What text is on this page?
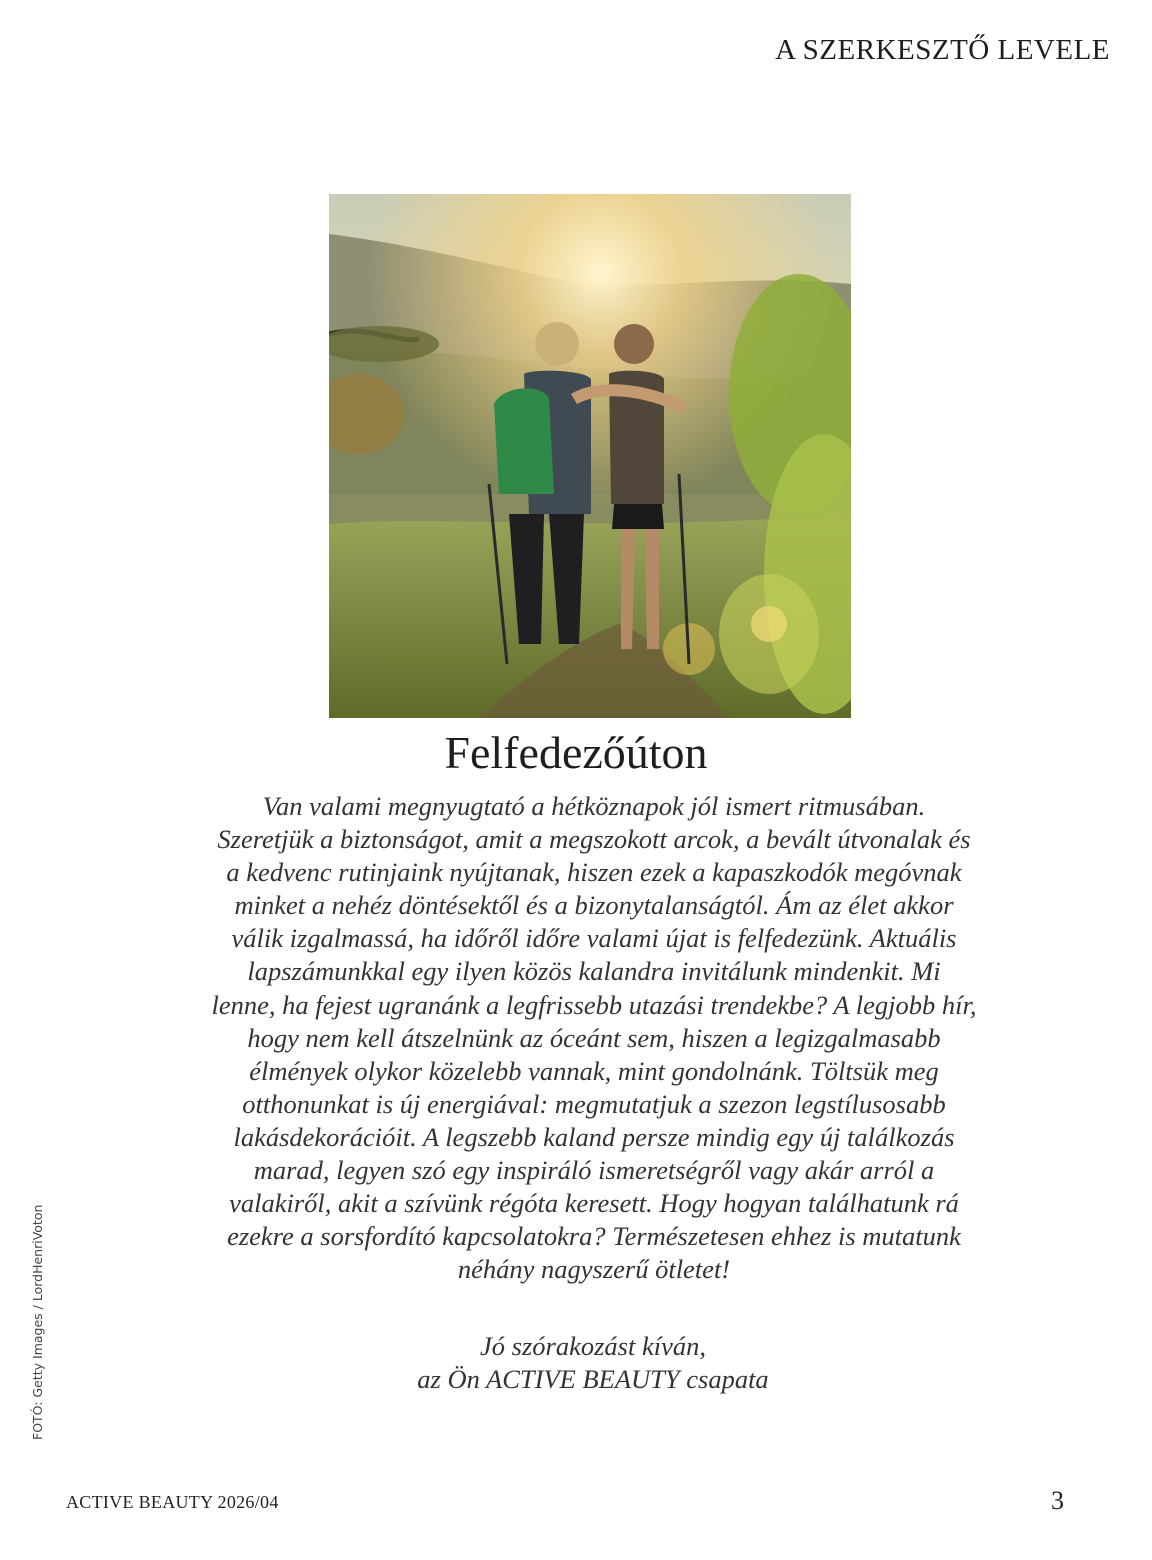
A SZERKESZTŐ LEVELE
Felfedezőúton

Van valami megnyugtató a hétköznapok jól ismert ritmusában.
Szeretjük a biztonságot, amit a megszokott arcok, a bevált útvonalak és
a kedvenc rutinjaink nyújtanak, hiszen ezek a kapaszkodók megóvnak
minket a nehéz döntésektől és a bizonytalanságtól. Ám az élet akkor
válik izgalmassá, ha időről időre valami újat is felfedezünk. Aktuális
lapszámunkkal egy ilyen közös kalandra invitálunk mindenkit. Mi
lenne, ha fejest ugranánk a legfrissebb utazási trendekbe? A legjobb hír,
hogy nem kell átszelnünk az óceánt sem, hiszen a legizgalmasabb
élmények olykor közelebb vannak, mint gondolnánk. Töltsük meg
otthonunkat is új energiával: megmutatjuk a szezon legstílusosabb
lakásdekorációit. A legszebb kaland persze mindig egy új találkozás
marad, legyen szó egy inspiráló ismeretségről vagy akár arról a
valakiről, akit a szívünk régóta keresett. Hogy hogyan találhatunk rá
ezekre a sorsfordító kapcsolatokra? Természetesen ehhez is mutatunk
néhány nagyszerű ötletet!

Jó szórakozást kíván,
az Ön ACTIVE BEAUTY csapata
FOTÓ: Getty Images / LordHenriVoton
ACTIVE BEAUTY 2026/04	3
